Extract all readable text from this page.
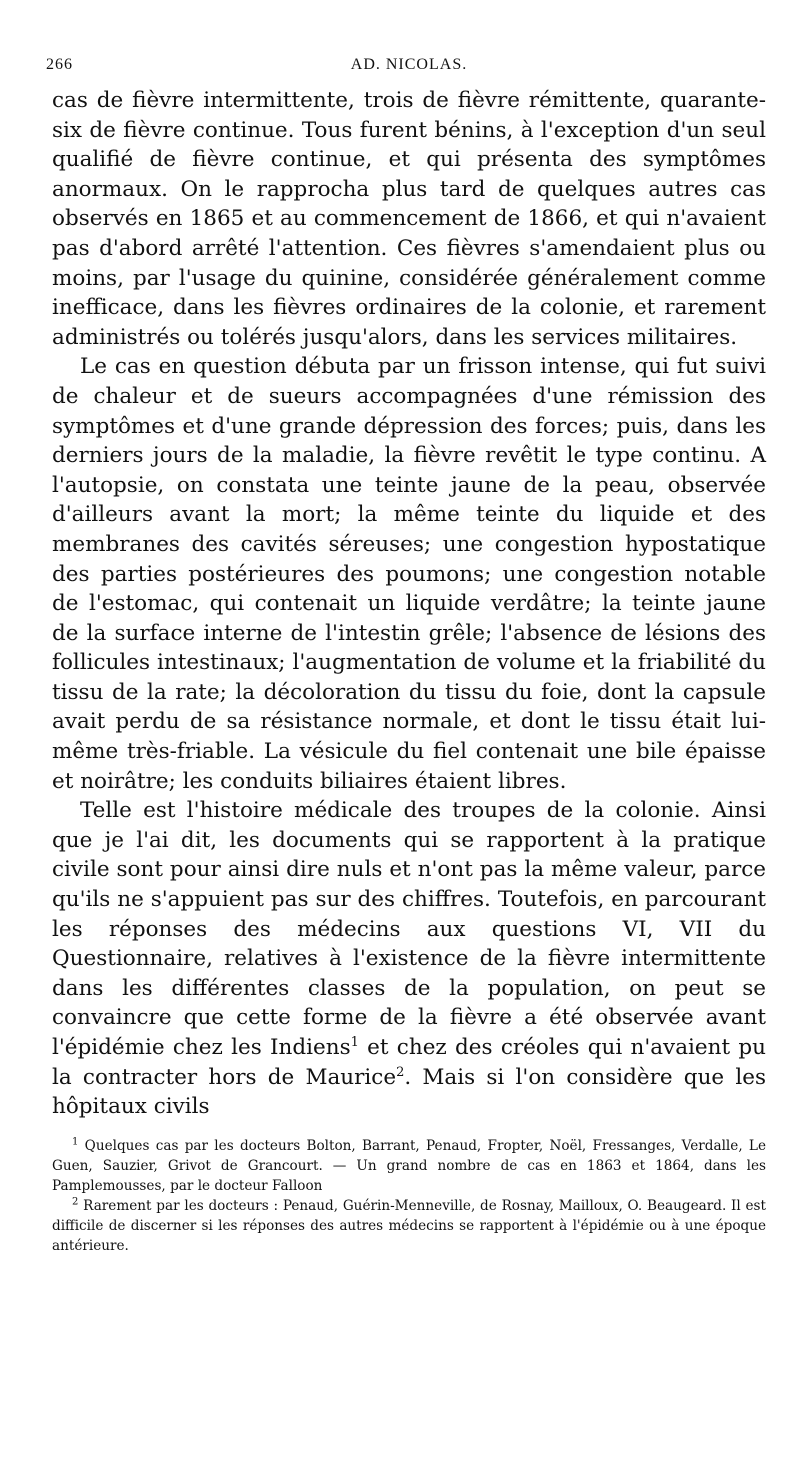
266	AD. NICOLAS.

cas de fièvre intermittente, trois de fièvre rémittente, quarante-six de fièvre continue. Tous furent bénins, à l'exception d'un seul qualifié de fièvre continue, et qui présenta des symptômes anormaux. On le rapprocha plus tard de quelques autres cas observés en 1865 et au commencement de 1866, et qui n'avaient pas d'abord arrêté l'attention. Ces fièvres s'amendaient plus ou moins, par l'usage du quinine, considérée généralement comme inefficace, dans les fièvres ordinaires de la colonie, et rarement administrés ou tolérés jusqu'alors, dans les services militaires.

Le cas en question débuta par un frisson intense, qui fut suivi de chaleur et de sueurs accompagnées d'une rémission des symptômes et d'une grande dépression des forces; puis, dans les derniers jours de la maladie, la fièvre revêtit le type continu. A l'autopsie, on constata une teinte jaune de la peau, observée d'ailleurs avant la mort; la même teinte du liquide et des membranes des cavités séreuses; une congestion hypostatique des parties postérieures des poumons; une congestion notable de l'estomac, qui contenait un liquide verdâtre; la teinte jaune de la surface interne de l'intestin grêle; l'absence de lésions des follicules intestinaux; l'augmentation de volume et la friabilité du tissu de la rate; la décoloration du tissu du foie, dont la capsule avait perdu de sa résistance normale, et dont le tissu était lui-même très-friable. La vésicule du fiel contenait une bile épaisse et noirâtre; les conduits biliaires étaient libres.

Telle est l'histoire médicale des troupes de la colonie. Ainsi que je l'ai dit, les documents qui se rapportent à la pratique civile sont pour ainsi dire nuls et n'ont pas la même valeur, parce qu'ils ne s'appuient pas sur des chiffres. Toutefois, en parcourant les réponses des médecins aux questions VI, VII du Questionnaire, relatives à l'existence de la fièvre intermittente dans les différentes classes de la population, on peut se convaincre que cette forme de la fièvre a été observée avant l'épidémie chez les Indiens$^1$ et chez des créoles qui n'avaient pu la contracter hors de Maurice$^2$. Mais si l'on considère que les hôpitaux civils

$^1$ Quelques cas par les docteurs Bolton, Barrant, Penaud, Fropter, Noël, Fressanges, Verdalle, Le Guen, Sauzier, Grivot de Grancourt. — Un grand nombre de cas en 1863 et 1864, dans les Pamplemousses, par le docteur Falloon

$^2$ Rarement par les docteurs : Penaud, Guérin-Menneville, de Rosnay, Mailloux, O. Beaugeard. Il est difficile de discerner si les réponses des autres médecins se rapportent à l'épidémie ou à une époque antérieure.
